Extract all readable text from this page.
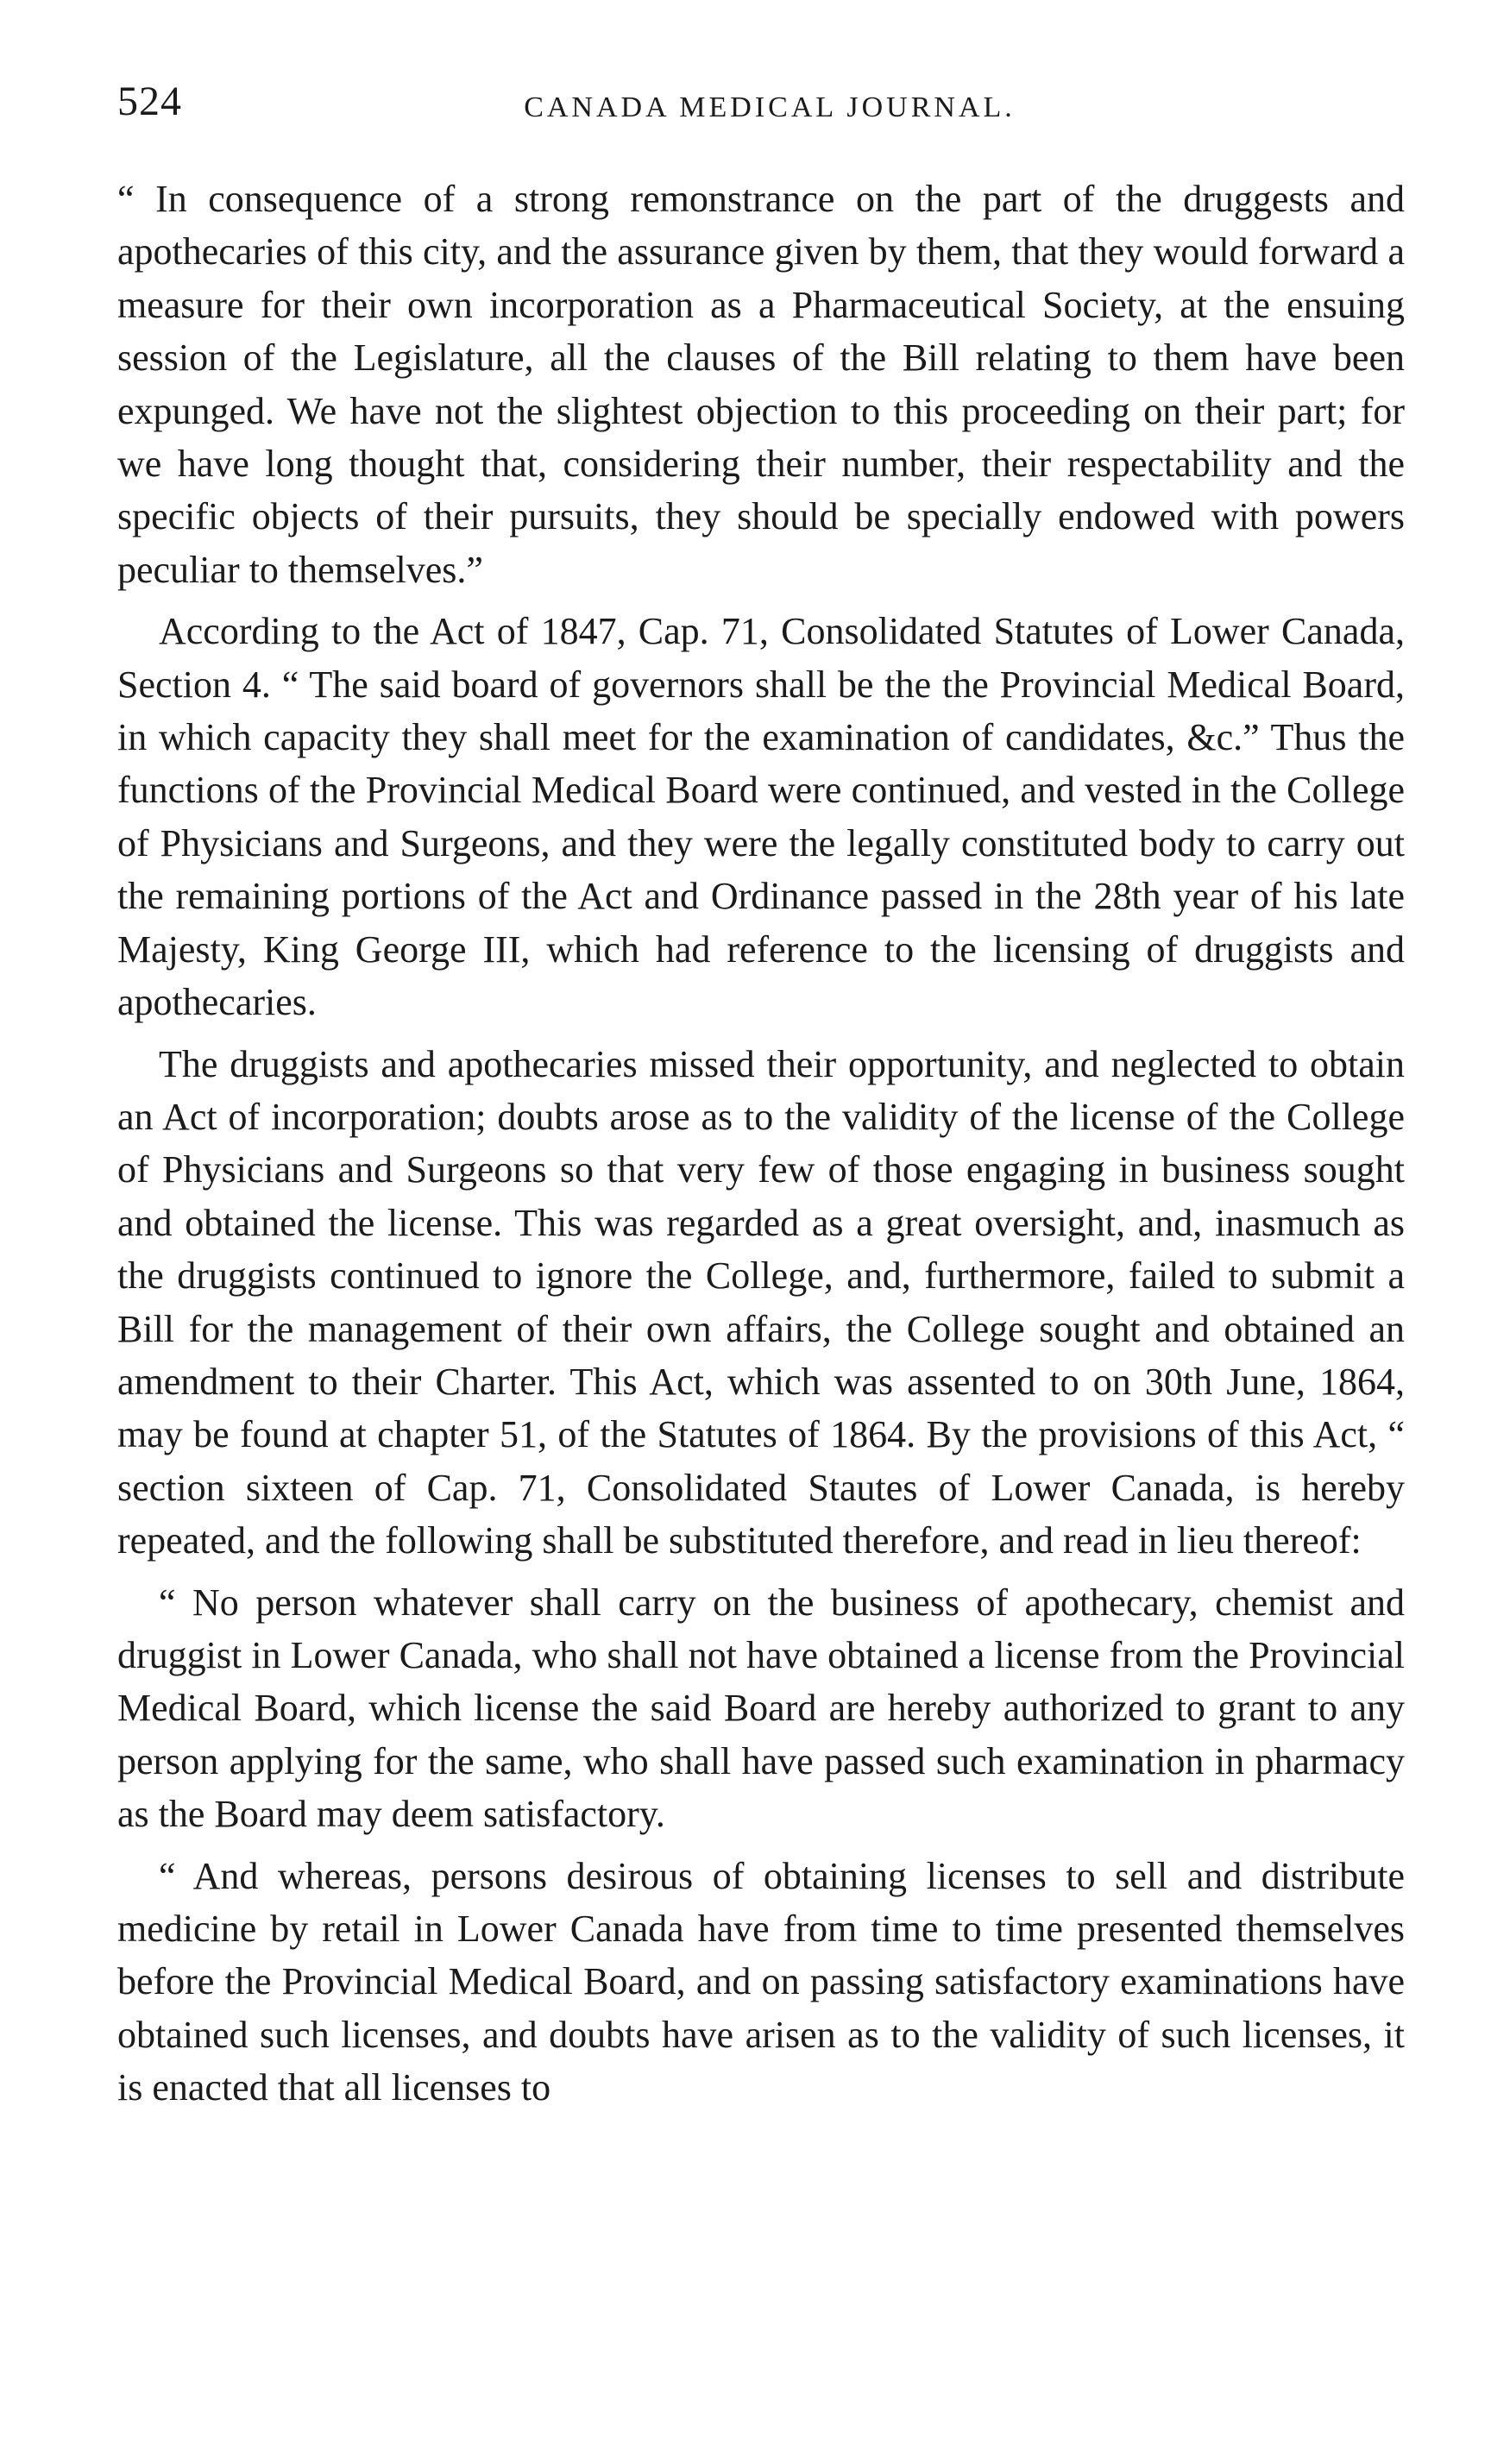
524	CANADA MEDICAL JOURNAL.

“ In consequence of a strong remonstrance on the part of the druggests and apothecaries of this city, and the assurance given by them, that they would forward a measure for their own incorporation as a Pharmaceutical Society, at the ensuing session of the Legislature, all the clauses of the Bill relating to them have been expunged. We have not the slightest objection to this proceeding on their part; for we have long thought that, considering their number, their respectability and the specific objects of their pursuits, they should be specially endowed with powers peculiar to themselves.”

According to the Act of 1847, Cap. 71, Consolidated Statutes of Lower Canada, Section 4. “ The said board of governors shall be the the Provincial Medical Board, in which capacity they shall meet for the examination of candidates, &c.” Thus the functions of the Provincial Medical Board were continued, and vested in the College of Physicians and Surgeons, and they were the legally constituted body to carry out the remaining portions of the Act and Ordinance passed in the 28th year of his late Majesty, King George III, which had reference to the licensing of druggists and apothecaries.

The druggists and apothecaries missed their opportunity, and neglected to obtain an Act of incorporation; doubts arose as to the validity of the license of the College of Physicians and Surgeons so that very few of those engaging in business sought and obtained the license. This was regarded as a great oversight, and, inasmuch as the druggists continued to ignore the College, and, furthermore, failed to submit a Bill for the management of their own affairs, the College sought and obtained an amendment to their Charter. This Act, which was assented to on 30th June, 1864, may be found at chapter 51, of the Statutes of 1864. By the provisions of this Act, “ section sixteen of Cap. 71, Consolidated Stautes of Lower Canada, is hereby repeated, and the following shall be substituted therefore, and read in lieu thereof:

“ No person whatever shall carry on the business of apothecary, chemist and druggist in Lower Canada, who shall not have obtained a license from the Provincial Medical Board, which license the said Board are hereby authorized to grant to any person applying for the same, who shall have passed such examination in pharmacy as the Board may deem satisfactory.

“ And whereas, persons desirous of obtaining licenses to sell and distribute medicine by retail in Lower Canada have from time to time presented themselves before the Provincial Medical Board, and on passing satisfactory examinations have obtained such licenses, and doubts have arisen as to the validity of such licenses, it is enacted that all licenses to
